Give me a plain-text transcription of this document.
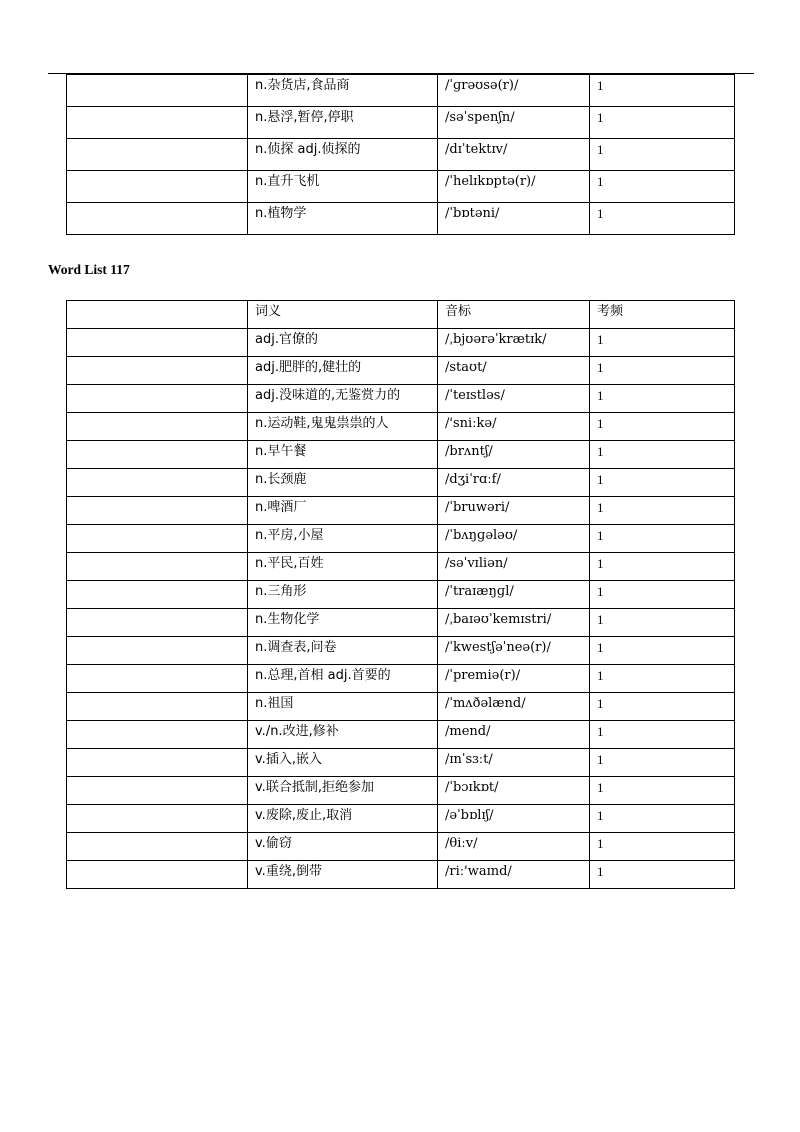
	n.杂货店,食品商	/ˈɡrəʊsə(r)/	1
	n.悬浮,暂停,停职	/səˈspenʃn/	1
	n.侦探 adj.侦探的	/dɪˈtektɪv/	1
	n.直升飞机	/ˈhelɪkɒptə(r)/	1
	n.植物学	/ˈbɒtəni/	1
Word List 117
	词义	音标	考频
	adj.官僚的	/ˌbjʊərəˈkrætɪk/	1
	adj.肥胖的,健壮的	/staʊt/	1
	adj.没味道的,无鉴赏力的	/ˈteɪstləs/	1
	n.运动鞋,鬼鬼祟祟的人	/'sniːkə/	1
	n.早午餐	/brʌntʃ/	1
	n.长颈鹿	/dʒiˈrɑːf/	1
	n.啤酒厂	/ˈbruwəri/	1
	n.平房,小屋	/ˈbʌŋɡələʊ/	1
	n.平民,百姓	/səˈvɪliən/	1
	n.三角形	/ˈtraɪæŋɡl/	1
	n.生物化学	/ˌbaɪəʊˈkemɪstri/	1
	n.调查表,问卷	/ˈkwestʃəˈneə(r)/	1
	n.总理,首相 adj.首要的	/ˈpremiə(r)/	1
	n.祖国	/ˈmʌðəlænd/	1
	v./n.改进,修补	/mend/	1
	v.插入,嵌入	/ɪnˈsɜːt/	1
	v.联合抵制,拒绝参加	/ˈbɔɪkɒt/	1
	v.废除,废止,取消	/əˈbɒlɪʃ/	1
	v.偷窃	/θiːv/	1
	v.重绕,倒带	/riː'waɪnd/	1
